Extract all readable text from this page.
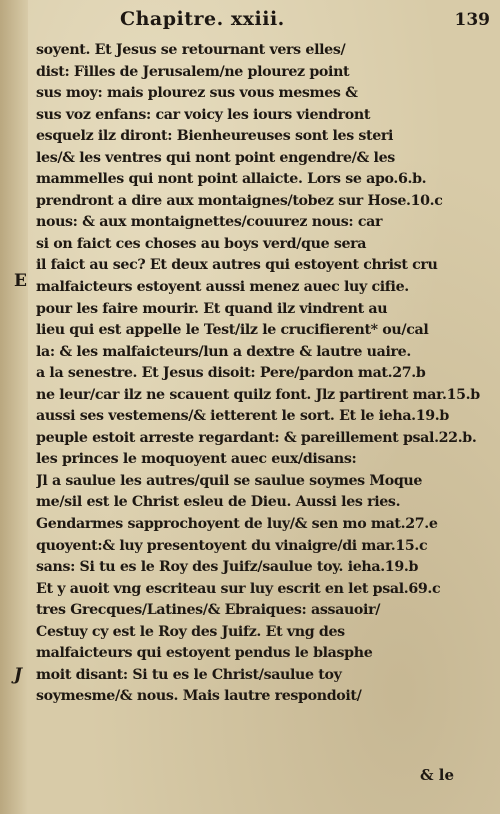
Chapitre. xxiii.	139
E
J
soyent. Et Jesus se retournant vers elles/
dist: Filles de Jerusalem/ne plourez point
sus moy: mais plourez sus vous mesmes &
sus voz enfans: car voicy les iours viendront
esquelz ilz diront: Bienheureuses sont les steri
les/& les ventres qui nont point engendre/& les
mammelles qui nont point allaicte. Lors se apo.6.b.
prendront a dire aux montaignes/tobez sur Hose.10.c
nous: & aux montaignettes/couurez nous: car
si on faict ces choses au boys verd/que sera
il faict au sec? Et deux autres qui estoyent christ cru
malfaicteurs estoyent aussi menez auec luy cifie.
pour les faire mourir. Et quand ilz vindrent au
lieu qui est appelle le Test/ilz le crucifierent* ou/cal
la: & les malfaicteurs/lun a dextre & lautre uaire.
a la senestre. Et Jesus disoit: Pere/pardon mat.27.b
ne leur/car ilz ne scauent quilz font. Jlz partirent mar.15.b
aussi ses vestemens/& ietterent le sort. Et le ieha.19.b
peuple estoit arreste regardant: & pareillement psal.22.b.
les princes le moquoyent auec eux/disans:
Jl a saulue les autres/quil se saulue soymes Moque
me/sil est le Christ esleu de Dieu. Aussi les ries.
Gendarmes sapprochoyent de luy/& sen mo mat.27.e
quoyent:& luy presentoyent du vinaigre/di mar.15.c
sans: Si tu es le Roy des Juifz/saulue toy. ieha.19.b
Et y auoit vng escriteau sur luy escrit en let psal.69.c
tres Grecques/Latines/& Ebraiques: assauoir/
Cestuy cy est le Roy des Juifz. Et vng des
malfaicteurs qui estoyent pendus le blasphe
moit disant: Si tu es le Christ/saulue toy
soymesme/& nous. Mais lautre respondoit/
& le
